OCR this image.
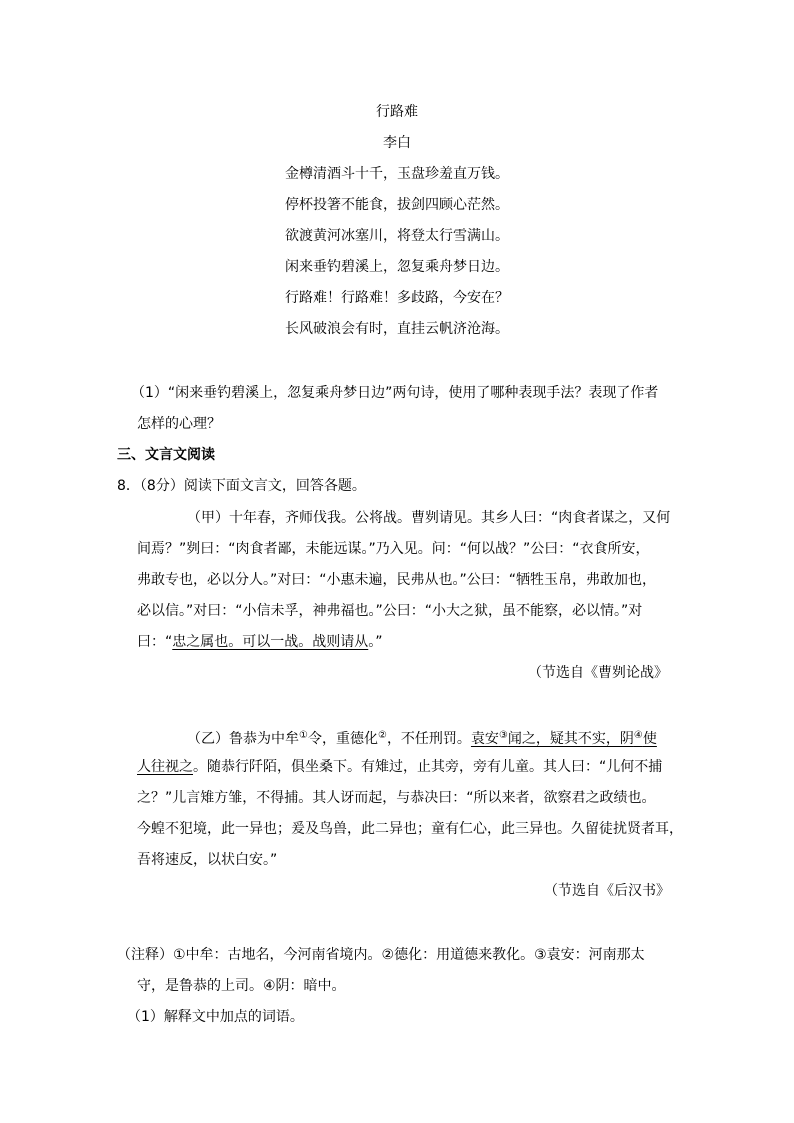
行路难
李白
金樽清酒斗十千，玉盘珍羞直万钱。
停杯投箸不能食，拔剑四顾心茫然。
欲渡黄河冰塞川，将登太行雪满山。
闲来垂钓碧溪上，忽复乘舟梦日边。
行路难！行路难！多歧路，今安在？
长风破浪会有时，直挂云帆济沧海。
（1）“闲来垂钓碧溪上，忽复乘舟梦日边”两句诗，使用了哪种表现手法？表现了作者
怎样的心理？
三、文言文阅读
8．（8分）阅读下面文言文，回答各题。
（甲）十年春，齐师伐我。公将战。曹刿请见。其乡人曰：“肉食者谋之，又何
间焉？”刿曰：“肉食者鄙，未能远谋。”乃入见。问：“何以战？”公曰：“衣食所安，
弗敢专也，必以分人。”对曰：“小惠未遍，民弗从也。”公曰：“牺牲玉帛，弗敢加也，
必以信。”对曰：“小信未孚，神弗福也。”公曰：“小大之狱，虽不能察，必以情。”对
曰：“忠之属也。可以一战。战则请从。”
（节选自《曹刿论战》
（乙）鲁恭为中牟①令，重德化②，不任刑罚。袁安③闻之，疑其不实，阴④使
人往视之。随恭行阡陌，俱坐桑下。有雉过，止其旁，旁有儿童。其人曰：“儿何不捕
之？”儿言雉方雏，不得捕。其人讶而起，与恭决曰：“所以来者，欲察君之政绩也。
今蝗不犯境，此一异也；爰及鸟兽，此二异也；童有仁心，此三异也。久留徒扰贤者耳，
吾将速反，以状白安。”
（节选自《后汉书》
（注释）①中牟：古地名，今河南省境内。②德化：用道德来教化。③袁安：河南那太
守，是鲁恭的上司。④阴：暗中。
（1）解释文中加点的词语。
